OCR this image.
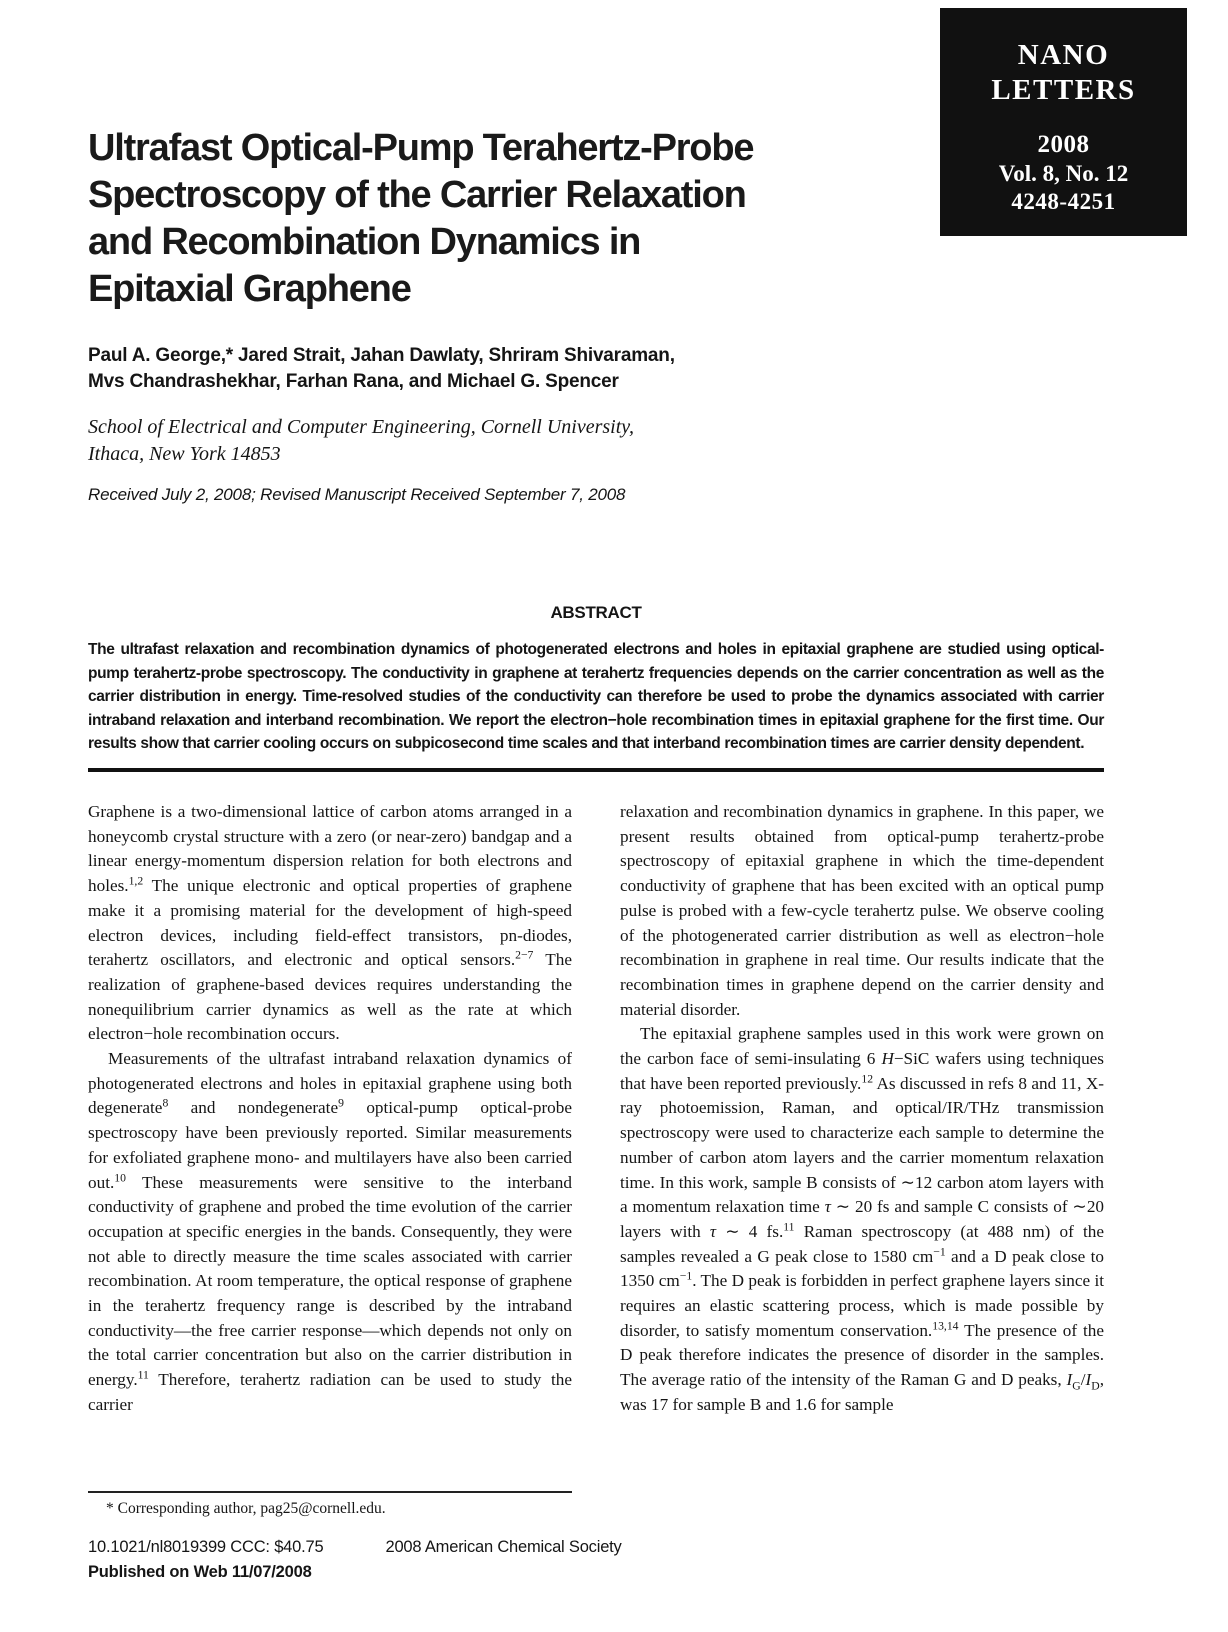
NANO
LETTERS
2008
Vol. 8, No. 12
4248-4251
Ultrafast Optical-Pump Terahertz-Probe
Spectroscopy of the Carrier Relaxation
and Recombination Dynamics in
Epitaxial Graphene
Paul A. George,* Jared Strait, Jahan Dawlaty, Shriram Shivaraman,
Mvs Chandrashekhar, Farhan Rana, and Michael G. Spencer
School of Electrical and Computer Engineering, Cornell University,
Ithaca, New York 14853
Received July 2, 2008; Revised Manuscript Received September 7, 2008
ABSTRACT
The ultrafast relaxation and recombination dynamics of photogenerated electrons and holes in epitaxial graphene are studied using optical-pump terahertz-probe spectroscopy. The conductivity in graphene at terahertz frequencies depends on the carrier concentration as well as the carrier distribution in energy. Time-resolved studies of the conductivity can therefore be used to probe the dynamics associated with carrier intraband relaxation and interband recombination. We report the electron−hole recombination times in epitaxial graphene for the first time. Our results show that carrier cooling occurs on subpicosecond time scales and that interband recombination times are carrier density dependent.

Graphene is a two-dimensional lattice of carbon atoms arranged in a honeycomb crystal structure with a zero (or near-zero) bandgap and a linear energy-momentum dispersion relation for both electrons and holes.$^{1,2}$ The unique electronic and optical properties of graphene make it a promising material for the development of high-speed electron devices, including field-effect transistors, pn-diodes, terahertz oscillators, and electronic and optical sensors.$^{2-7}$ The realization of graphene-based devices requires understanding the nonequilibrium carrier dynamics as well as the rate at which electron−hole recombination occurs.

Measurements of the ultrafast intraband relaxation dynamics of photogenerated electrons and holes in epitaxial graphene using both degenerate$^8$ and nondegenerate$^9$ optical-pump optical-probe spectroscopy have been previously reported. Similar measurements for exfoliated graphene mono- and multilayers have also been carried out.$^{10}$ These measurements were sensitive to the interband conductivity of graphene and probed the time evolution of the carrier occupation at specific energies in the bands. Consequently, they were not able to directly measure the time scales associated with carrier recombination. At room temperature, the optical response of graphene in the terahertz frequency range is described by the intraband conductivity—the free carrier response—which depends not only on the total carrier concentration but also on the carrier distribution in energy.$^{11}$ Therefore, terahertz radiation can be used to study the carrier

relaxation and recombination dynamics in graphene. In this paper, we present results obtained from optical-pump terahertz-probe spectroscopy of epitaxial graphene in which the time-dependent conductivity of graphene that has been excited with an optical pump pulse is probed with a few-cycle terahertz pulse. We observe cooling of the photogenerated carrier distribution as well as electron−hole recombination in graphene in real time. Our results indicate that the recombination times in graphene depend on the carrier density and material disorder.

The epitaxial graphene samples used in this work were grown on the carbon face of semi-insulating 6 H−SiC wafers using techniques that have been reported previously.$^{12}$ As discussed in refs 8 and 11, X-ray photoemission, Raman, and optical/IR/THz transmission spectroscopy were used to characterize each sample to determine the number of carbon atom layers and the carrier momentum relaxation time. In this work, sample B consists of ∼12 carbon atom layers with a momentum relaxation time τ ∼ 20 fs and sample C consists of ∼20 layers with τ ∼ 4 fs.$^{11}$ Raman spectroscopy (at 488 nm) of the samples revealed a G peak close to 1580 $cm^{-1}$ and a D peak close to 1350 $cm^{-1}$. The D peak is forbidden in perfect graphene layers since it requires an elastic scattering process, which is made possible by disorder, to satisfy momentum conservation.$^{13,14}$ The presence of the D peak therefore indicates the presence of disorder in the samples. The average ratio of the intensity of the Raman G and D peaks, $I_G/I_D$, was 17 for sample B and 1.6 for sample

* Corresponding author, pag25@cornell.edu.
10.1021/nl8019399 CCC: $40.75	2008 American Chemical Society
Published on Web 11/07/2008
